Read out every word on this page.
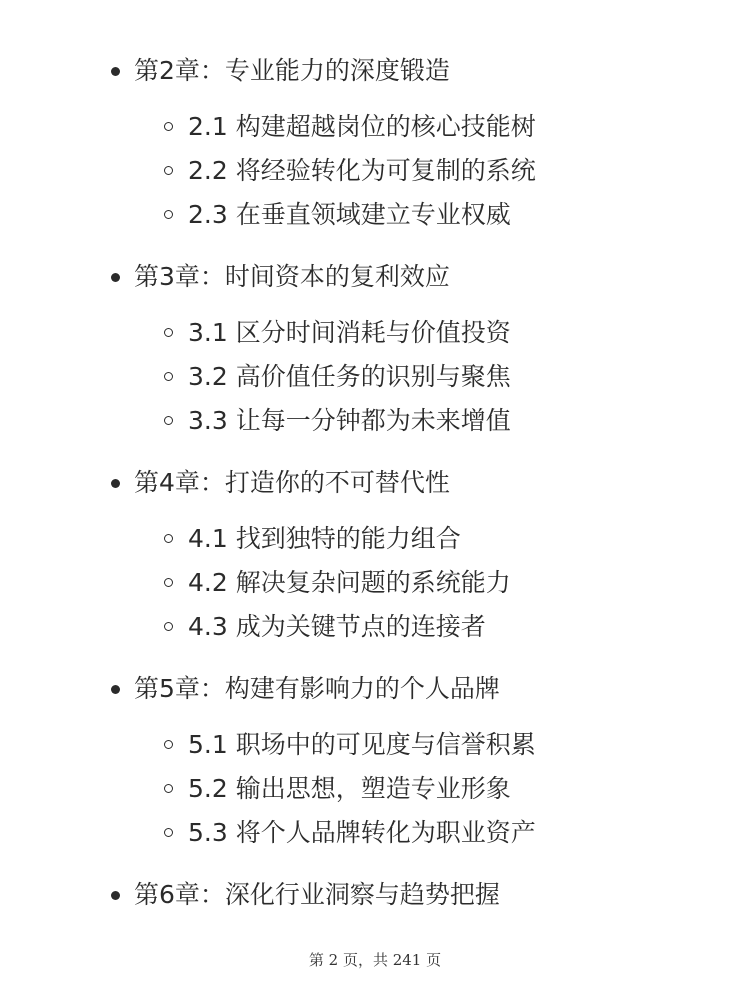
第2章：专业能力的深度锻造
2.1 构建超越岗位的核心技能树
2.2 将经验转化为可复制的系统
2.3 在垂直领域建立专业权威
第3章：时间资本的复利效应
3.1 区分时间消耗与价值投资
3.2 高价值任务的识别与聚焦
3.3 让每一分钟都为未来增值
第4章：打造你的不可替代性
4.1 找到独特的能力组合
4.2 解决复杂问题的系统能力
4.3 成为关键节点的连接者
第5章：构建有影响力的个人品牌
5.1 职场中的可见度与信誉积累
5.2 输出思想，塑造专业形象
5.3 将个人品牌转化为职业资产
第6章：深化行业洞察与趋势把握
第 2 页，共 241 页
